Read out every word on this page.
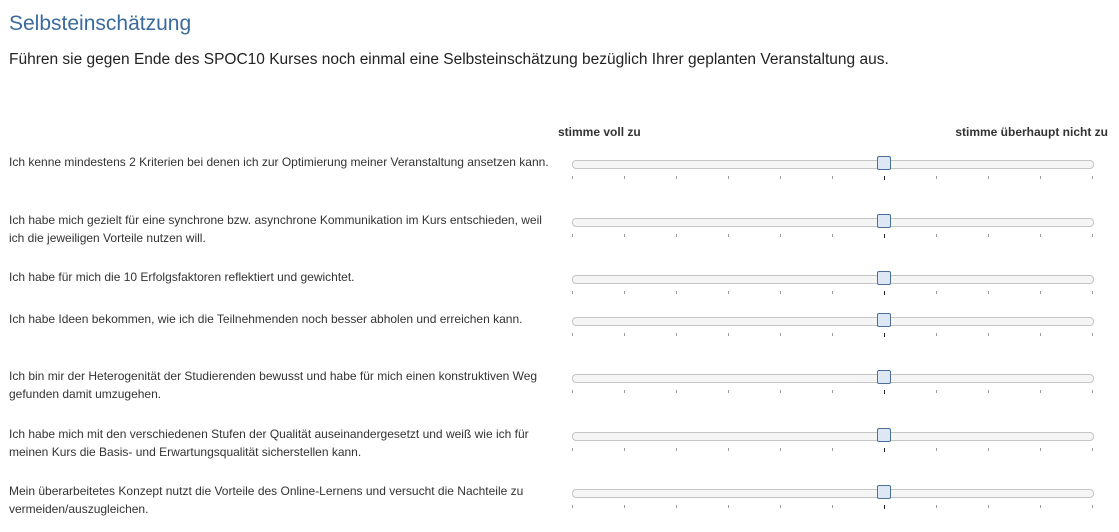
Selbsteinschätzung

Führen sie gegen Ende des SPOC10 Kurses noch einmal eine Selbsteinschätzung bezüglich Ihrer geplanten Veranstaltung aus.

stimme voll zu	stimme überhaupt nicht zu

Ich kenne mindestens 2 Kriterien bei denen ich zur Optimierung meiner Veranstaltung ansetzen kann.

Ich habe mich gezielt für eine synchrone bzw. asynchrone Kommunikation im Kurs entschieden, weil ich die jeweiligen Vorteile nutzen will.

Ich habe für mich die 10 Erfolgsfaktoren reflektiert und gewichtet.

Ich habe Ideen bekommen, wie ich die Teilnehmenden noch besser abholen und erreichen kann.

Ich bin mir der Heterogenität der Studierenden bewusst und habe für mich einen konstruktiven Weg gefunden damit umzugehen.

Ich habe mich mit den verschiedenen Stufen der Qualität auseinandergesetzt und weiß wie ich für meinen Kurs die Basis- und Erwartungsqualität sicherstellen kann.

Mein überarbeitetes Konzept nutzt die Vorteile des Online-Lernens und versucht die Nachteile zu vermeiden/auszugleichen.
